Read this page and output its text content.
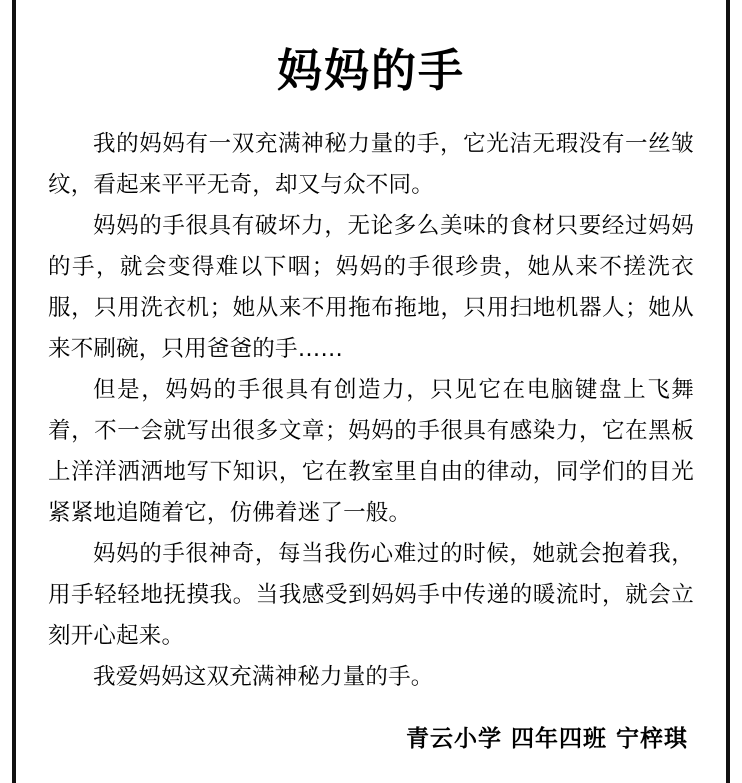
妈妈的手

我的妈妈有一双充满神秘力量的手，它光洁无瑕没有一丝皱纹，看起来平平无奇，却又与众不同。

妈妈的手很具有破坏力，无论多么美味的食材只要经过妈妈的手，就会变得难以下咽；妈妈的手很珍贵，她从来不搓洗衣服，只用洗衣机；她从来不用拖布拖地，只用扫地机器人；她从来不刷碗，只用爸爸的手……

但是，妈妈的手很具有创造力，只见它在电脑键盘上飞舞着，不一会就写出很多文章；妈妈的手很具有感染力，它在黑板上洋洋洒洒地写下知识，它在教室里自由的律动，同学们的目光紧紧地追随着它，仿佛着迷了一般。

妈妈的手很神奇，每当我伤心难过的时候，她就会抱着我，用手轻轻地抚摸我。当我感受到妈妈手中传递的暖流时，就会立刻开心起来。

我爱妈妈这双充满神秘力量的手。

青云小学 四年四班 宁梓琪
